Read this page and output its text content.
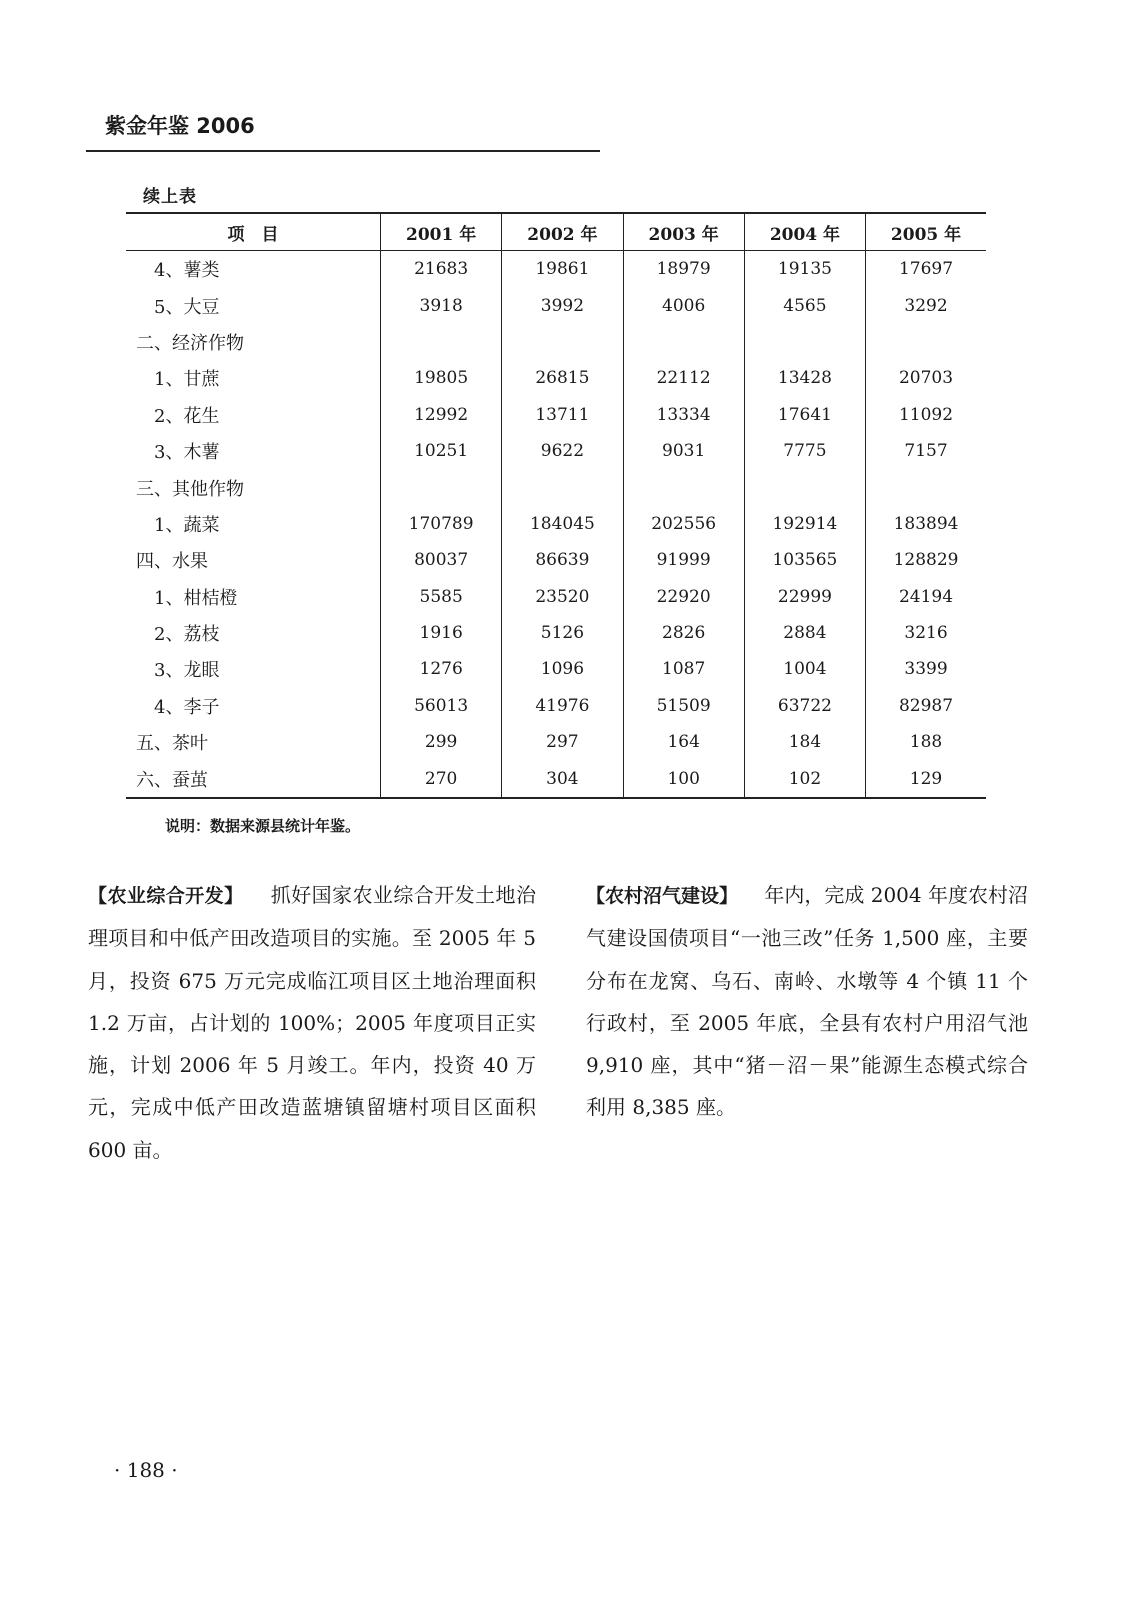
紫金年鉴 2006
续上表
项　目	2001 年	2002 年	2003 年	2004 年	2005 年
4、薯类	21683	19861	18979	19135	17697
5、大豆	3918	3992	4006	4565	3292
二、经济作物					
1、甘蔗	19805	26815	22112	13428	20703
2、花生	12992	13711	13334	17641	11092
3、木薯	10251	9622	9031	7775	7157
三、其他作物					
1、蔬菜	170789	184045	202556	192914	183894
四、水果	80037	86639	91999	103565	128829
1、柑桔橙	5585	23520	22920	22999	24194
2、荔枝	1916	5126	2826	2884	3216
3、龙眼	1276	1096	1087	1004	3399
4、李子	56013	41976	51509	63722	82987
五、茶叶	299	297	164	184	188
六、蚕茧	270	304	100	102	129
说明：数据来源县统计年鉴。
【农业综合开发】 　 抓好国家农业综合开发土地治理项目和中低产田改造项目的实施。至 2005 年 5 月，投资 675 万元完成临江项目区土地治理面积 1.2 万亩，占计划的 100%；2005 年度项目正实施，计划 2006 年 5 月竣工。年内，投资 40 万元，完成中低产田改造蓝塘镇留塘村项目区面积 600 亩。
【农村沼气建设】 　 年内，完成 2004 年度农村沼气建设国债项目“一池三改”任务 1,500 座，主要分布在龙窝、乌石、南岭、水墩等 4 个镇 11 个行政村，至 2005 年底，全县有农村户用沼气池 9,910 座，其中“猪－沼－果”能源生态模式综合利用 8,385 座。
· 188 ·
